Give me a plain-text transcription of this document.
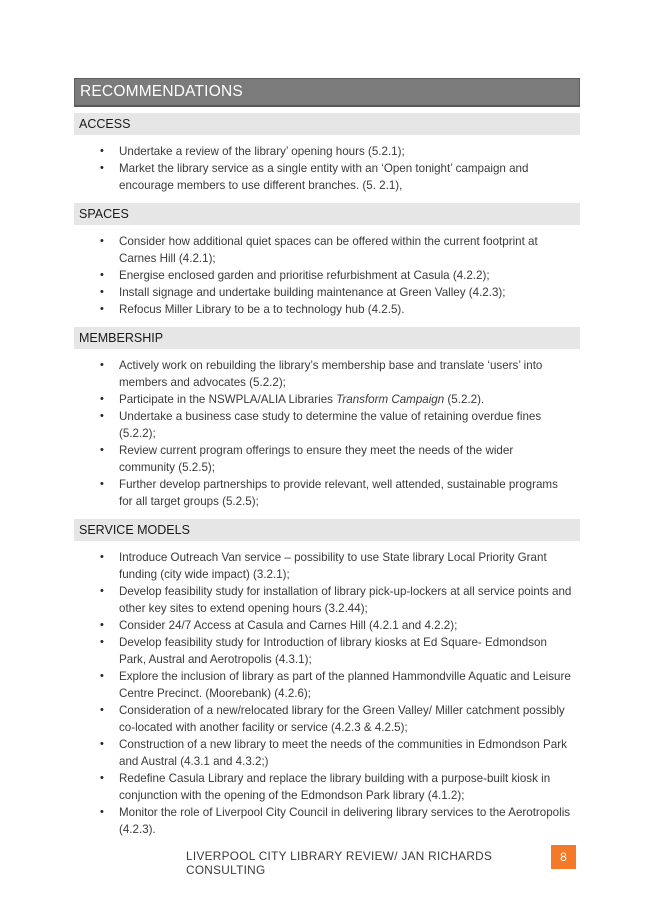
RECOMMENDATIONS
ACCESS
• Undertake a review of the library’ opening hours (5.2.1);
• Market the library service as a single entity with an ‘Open tonight’ campaign and encourage members to use different branches. (5. 2.1),
SPACES
• Consider how additional quiet spaces can be offered within the current footprint at Carnes Hill (4.2.1);
• Energise enclosed garden and prioritise refurbishment at Casula (4.2.2);
• Install signage and undertake building maintenance at Green Valley (4.2.3);
• Refocus Miller Library to be a to technology hub (4.2.5).
MEMBERSHIP
• Actively work on rebuilding the library’s membership base and translate ‘users’ into members and advocates (5.2.2);
• Participate in the NSWPLA/ALIA Libraries Transform Campaign (5.2.2).
• Undertake a business case study to determine the value of retaining overdue fines (5.2.2);
• Review current program offerings to ensure they meet the needs of the wider community (5.2.5);
• Further develop partnerships to provide relevant, well attended, sustainable programs for all target groups (5.2.5);
SERVICE MODELS
• Introduce Outreach Van service – possibility to use State library Local Priority Grant funding (city wide impact) (3.2.1);
• Develop feasibility study for installation of library pick-up-lockers at all service points and other key sites to extend opening hours (3.2.44);
• Consider 24/7 Access at Casula and Carnes Hill (4.2.1 and 4.2.2);
• Develop feasibility study for Introduction of library kiosks at Ed Square- Edmondson Park, Austral and Aerotropolis (4.3.1);
• Explore the inclusion of library as part of the planned Hammondville Aquatic and Leisure Centre Precinct. (Moorebank) (4.2.6);
• Consideration of a new/relocated library for the Green Valley/ Miller catchment possibly co-located with another facility or service (4.2.3 & 4.2.5);
• Construction of a new library to meet the needs of the communities in Edmondson Park and Austral (4.3.1 and 4.3.2;)
• Redefine Casula Library and replace the library building with a purpose-built kiosk in conjunction with the opening of the Edmondson Park library (4.1.2);
• Monitor the role of Liverpool City Council in delivering library services to the Aerotropolis (4.2.3).
LIVERPOOL CITY LIBRARY REVIEW/ JAN RICHARDS CONSULTING
8
